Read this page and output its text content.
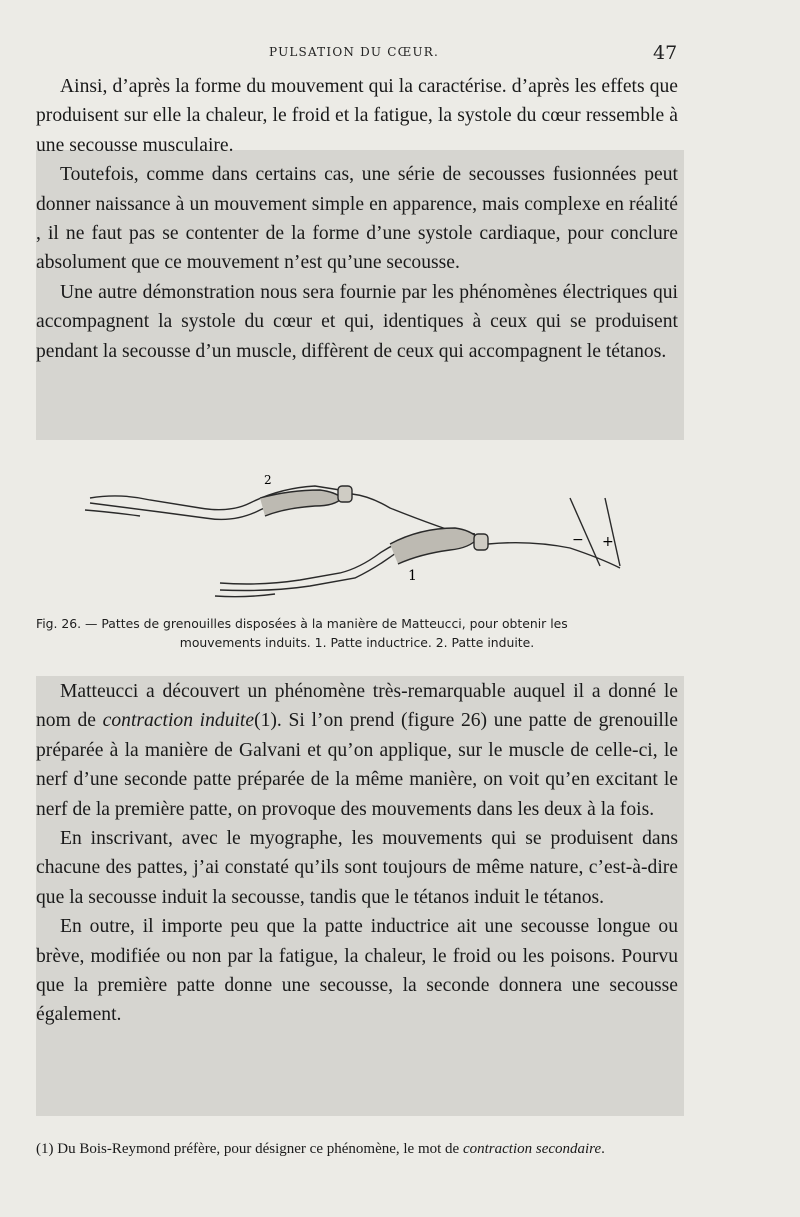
PULSATION DU CŒUR.	47

Ainsi, d’après la forme du mouvement qui la caractérise. d’après les effets que produisent sur elle la chaleur, le froid et la fatigue, la systole du cœur ressemble à une secousse musculaire.

Toutefois, comme dans certains cas, une série de secousses fusionnées peut donner naissance à un mouvement simple en apparence, mais complexe en réalité , il ne faut pas se contenter de la forme d’une systole cardiaque, pour conclure absolument que ce mouvement n’est qu’une secousse.

Une autre démonstration nous sera fournie par les phénomènes électriques qui accompagnent la systole du cœur et qui, identiques à ceux qui se produisent pendant la secousse d’un muscle, diffèrent de ceux qui accompagnent le tétanos.

2
1
− +
Fig. 26. — Pattes de grenouilles disposées à la manière de Matteucci, pour obtenir les
mouvements induits. 1. Patte inductrice. 2. Patte induite.

Matteucci a découvert un phénomène très-remarquable auquel il a donné le nom de contraction induite(1). Si l’on prend (figure 26) une patte de grenouille préparée à la manière de Galvani et qu’on applique, sur le muscle de celle-ci, le nerf d’une seconde patte préparée de la même manière, on voit qu’en excitant le nerf de la première patte, on provoque des mouvements dans les deux à la fois.

En inscrivant, avec le myographe, les mouvements qui se produisent dans chacune des pattes, j’ai constaté qu’ils sont toujours de même nature, c’est-à-dire que la secousse induit la secousse, tandis que le tétanos induit le tétanos.

En outre, il importe peu que la patte inductrice ait une secousse longue ou brève, modifiée ou non par la fatigue, la chaleur, le froid ou les poisons. Pourvu que la première patte donne une secousse, la seconde donnera une secousse également.

(1) Du Bois-Reymond préfère, pour désigner ce phénomène, le mot de contraction secondaire.
